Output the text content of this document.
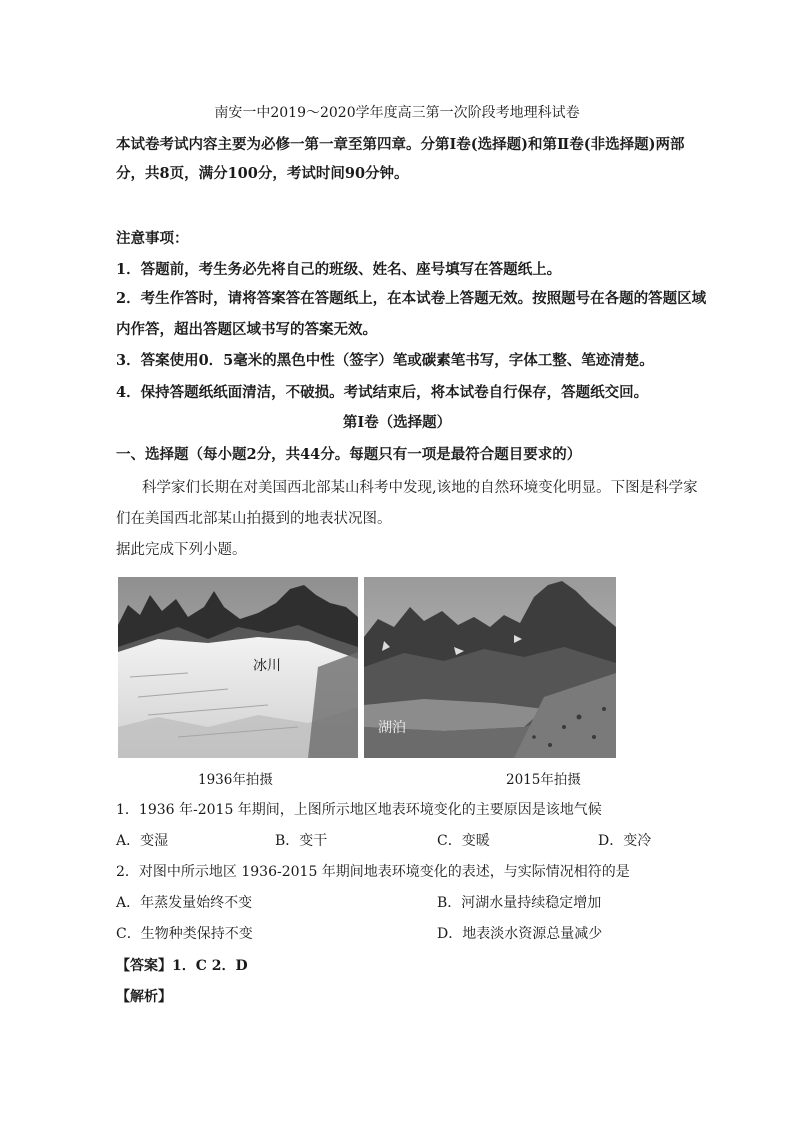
南安一中2019～2020学年度高三第一次阶段考地理科试卷
本试卷考试内容主要为必修一第一章至第四章。分第Ⅰ卷(选择题)和第Ⅱ卷(非选择题)两部
分，共8页，满分100分，考试时间90分钟。
注意事项：
1．答题前，考生务必先将自己的班级、姓名、座号填写在答题纸上。
2．考生作答时，请将答案答在答题纸上，在本试卷上答题无效。按照题号在各题的答题区域
内作答，超出答题区域书写的答案无效。
3．答案使用0．5毫米的黑色中性（签字）笔或碳素笔书写，字体工整、笔迹清楚。
4．保持答题纸纸面清洁，不破损。考试结束后，将本试卷自行保存，答题纸交回。
第Ⅰ卷（选择题）
一、选择题（每小题2分，共44分。每题只有一项是最符合题目要求的）
科学家们长期在对美国西北部某山科考中发现,该地的自然环境变化明显。下图是科学家
们在美国西北部某山拍摄到的地表状况图。
据此完成下列小题。
冰川
湖泊
1936年拍摄	2015年拍摄
1．1936 年-2015 年期间，上图所示地区地表环境变化的主要原因是该地气候
A．变湿	B．变干	C．变暖	D．变冷
2．对图中所示地区 1936-2015 年期间地表环境变化的表述，与实际情况相符的是
A．年蒸发量始终不变	B．河湖水量持续稳定增加
C．生物种类保持不变	D．地表淡水资源总量减少
【答案】1．C 2．D
【解析】
